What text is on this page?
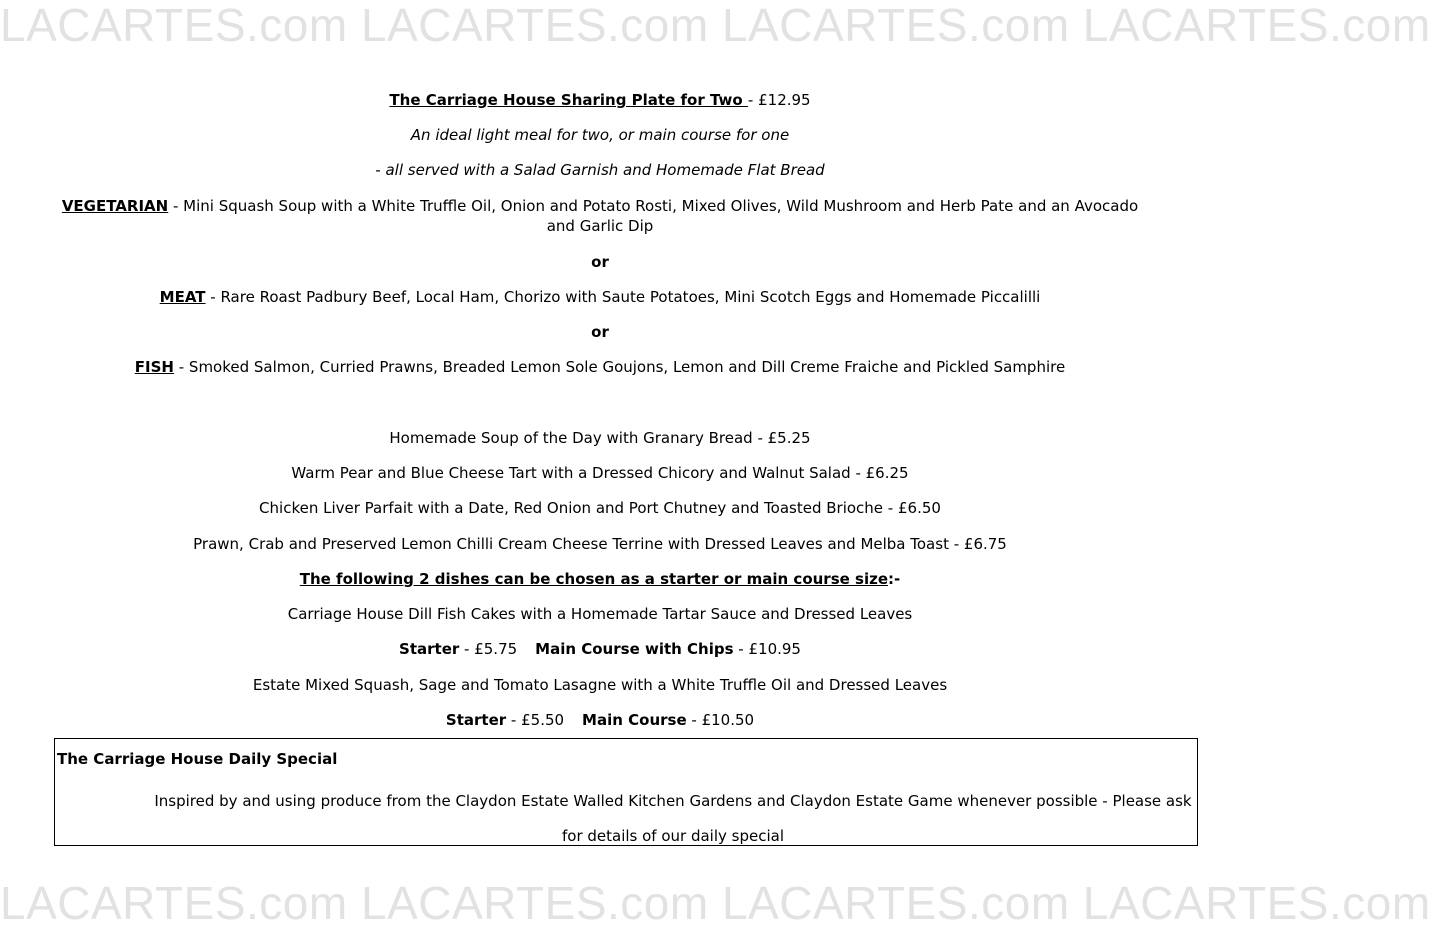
LACARTES.com LACARTES.com LACARTES.com LACARTES.com
The Carriage House Sharing Plate for Two - £12.95
An ideal light meal for two, or main course for one
- all served with a Salad Garnish and Homemade Flat Bread
VEGETARIAN - Mini Squash Soup with a White Truffle Oil, Onion and Potato Rosti, Mixed Olives, Wild Mushroom and Herb Pate and an Avocado and Garlic Dip
or
MEAT - Rare Roast Padbury Beef, Local Ham, Chorizo with Saute Potatoes, Mini Scotch Eggs and Homemade Piccalilli
or
FISH - Smoked Salmon, Curried Prawns, Breaded Lemon Sole Goujons, Lemon and Dill Creme Fraiche and Pickled Samphire
Homemade Soup of the Day with Granary Bread - £5.25
Warm Pear and Blue Cheese Tart with a Dressed Chicory and Walnut Salad - £6.25
Chicken Liver Parfait with a Date, Red Onion and Port Chutney and Toasted Brioche - £6.50
Prawn, Crab and Preserved Lemon Chilli Cream Cheese Terrine with Dressed Leaves and Melba Toast - £6.75
The following 2 dishes can be chosen as a starter or main course size:-
Carriage House Dill Fish Cakes with a Homemade Tartar Sauce and Dressed Leaves
Starter - £5.75 Main Course with Chips - £10.95
Estate Mixed Squash, Sage and Tomato Lasagne with a White Truffle Oil and Dressed Leaves
Starter - £5.50 Main Course - £10.50
The Carriage House Daily Special
Inspired by and using produce from the Claydon Estate Walled Kitchen Gardens and Claydon Estate Game whenever possible - Please ask for details of our daily special
LACARTES.com LACARTES.com LACARTES.com LACARTES.com
